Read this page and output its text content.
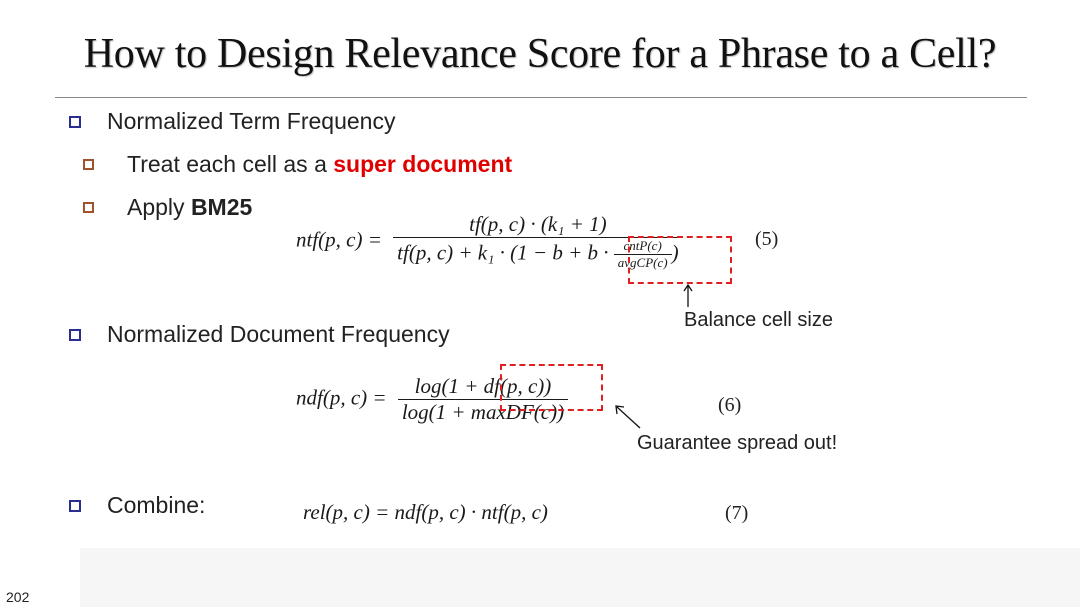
How to Design Relevance Score for a Phrase to a Cell?
Normalized Term Frequency
Treat each cell as a super document
Apply BM25
ntf(p, $c) = \frac{\text{tf(p, c) · (k₁ + 1)}}{tf(p, c) + k_1 \cdot (1 - b + b \cdot \frac{\text{cntP(c)}}{\text{avgCP(c)}} )}$	(5)
Balance cell size
Normalized Document Frequency
ndf(p, $c) = \frac{\log(1 + df(p, c))}{\text{log(1 + maxDF(c))}}$	(6)
Guarantee spread out!
Combine:	rel(p, c) = ndf(p, c) · ntf(p, c)	(7)
202
